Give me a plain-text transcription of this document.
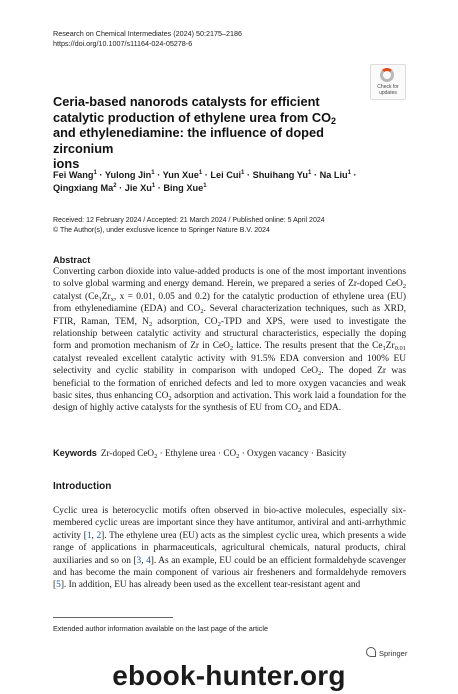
Research on Chemical Intermediates (2024) 50:2175–2186
https://doi.org/10.1007/s11164-024-05278-6
Check for
updates
Ceria-based nanorods catalysts for efficient
catalytic production of ethylene urea from $CO_2$
and ethylenediamine: the influence of doped zirconium
ions
Fei Wang$^1$ · Yulong Jin$^1$ · Yun Xue$^1$ · Lei Cui$^1$ · Shuihang $Yu^1 \cdot Na$ Liu$^1$ ·
Qingxiang $Ma^2$ · Jie $Xu^1$ · Bing Xue$^1$
Received: 12 February 2024 / Accepted: 21 March 2024 / Published online: 5 April 2024
© The Author(s), under exclusive licence to Springer Nature B.V. 2024
Abstract
Converting carbon dioxide into value-added products is one of the most important inventions to solve global warming and energy demand. Herein, we prepared a series of Zr-doped CeO$_2$ catalyst ($Ce_1Zr_x$, x = 0.01, 0.05 and 0.2) for the catalytic production of ethylene urea (EU) from ethylenediamine (EDA) and $CO_2$. Several characterization techniques, such as XRD, FTIR, Raman, TEM, $N_2$ adsorption, $CO_2$-TPD and XPS, were used to investigate the relationship between catalytic activity and structural characteristics, especially the doping form and promotion mechanism of Zr in CeO$_2$ lattice. The results present that the $Ce_1Zr_{0.01}$ catalyst revealed excellent catalytic activity with 91.5% EDA conversion and 100% EU selectivity and cyclic stability in comparison with undoped CeO$_2$. The doped Zr was beneficial to the formation of enriched defects and led to more oxygen vacancies and weak basic sites, thus enhancing $CO_2$ adsorption and activation. This work laid a foundation for the design of highly active catalysts for the synthesis of EU from $CO_2$ and EDA.
Keywords Zr-doped CeO$_2$ · Ethylene urea · $CO_2$ · Oxygen vacancy · Basicity
Introduction
Cyclic urea is heterocyclic motifs often observed in bio-active molecules, especially six-membered cyclic ureas are important since they have antitumor, antiviral and anti-arrhythmic activity [1, 2]. The ethylene urea (EU) acts as the simplest cyclic urea, which presents a wide range of applications in pharmaceuticals, agricultural chemicals, natural products, chiral auxiliaries and so on [3, 4]. As an example, EU could be an efficient formaldehyde scavenger and has become the main component of various air fresheners and formaldehyde removers [5]. In addition, EU has already been used as the excellent tear-resistant agent and
Extended author information available on the last page of the article
Springer
ebook-hunter.org
